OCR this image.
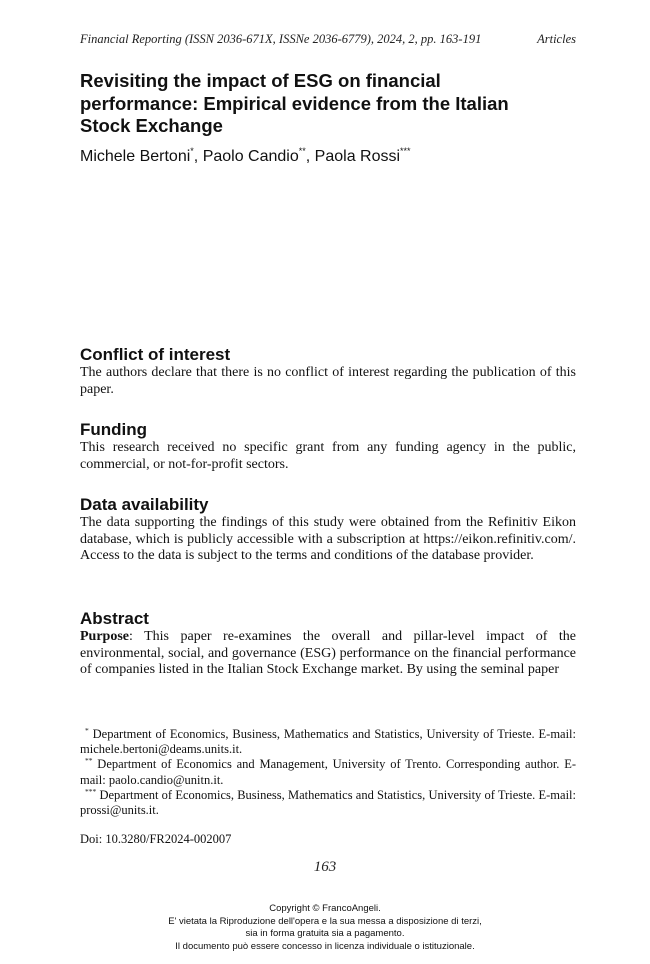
Financial Reporting (ISSN 2036-671X, ISSNe 2036-6779), 2024, 2, pp. 163-191	Articles
Revisiting the impact of ESG on financial performance: Empirical evidence from the Italian Stock Exchange
Michele Bertoni*, Paolo Candio**, Paola Rossi***
Conflict of interest

The authors declare that there is no conflict of interest regarding the publication of this paper.

Funding

This research received no specific grant from any funding agency in the public, commercial, or not-for-profit sectors.

Data availability

The data supporting the findings of this study were obtained from the Refinitiv Eikon database, which is publicly accessible with a subscription at https://eikon.refinitiv.com/. Access to the data is subject to the terms and conditions of the database provider.

Abstract

Purpose: This paper re-examines the overall and pillar-level impact of the environmental, social, and governance (ESG) performance on the financial performance of companies listed in the Italian Stock Exchange market. By using the seminal paper

* Department of Economics, Business, Mathematics and Statistics, University of Trieste. E-mail: michele.bertoni@deams.units.it.

** Department of Economics and Management, University of Trento. Corresponding author. E-mail: paolo.candio@unitn.it.

*** Department of Economics, Business, Mathematics and Statistics, University of Trieste. E-mail: prossi@units.it.

Doi: 10.3280/FR2024-002007
163
Copyright © FrancoAngeli.
E' vietata la Riproduzione dell'opera e la sua messa a disposizione di terzi,
sia in forma gratuita sia a pagamento.
Il documento può essere concesso in licenza individuale o istituzionale.
